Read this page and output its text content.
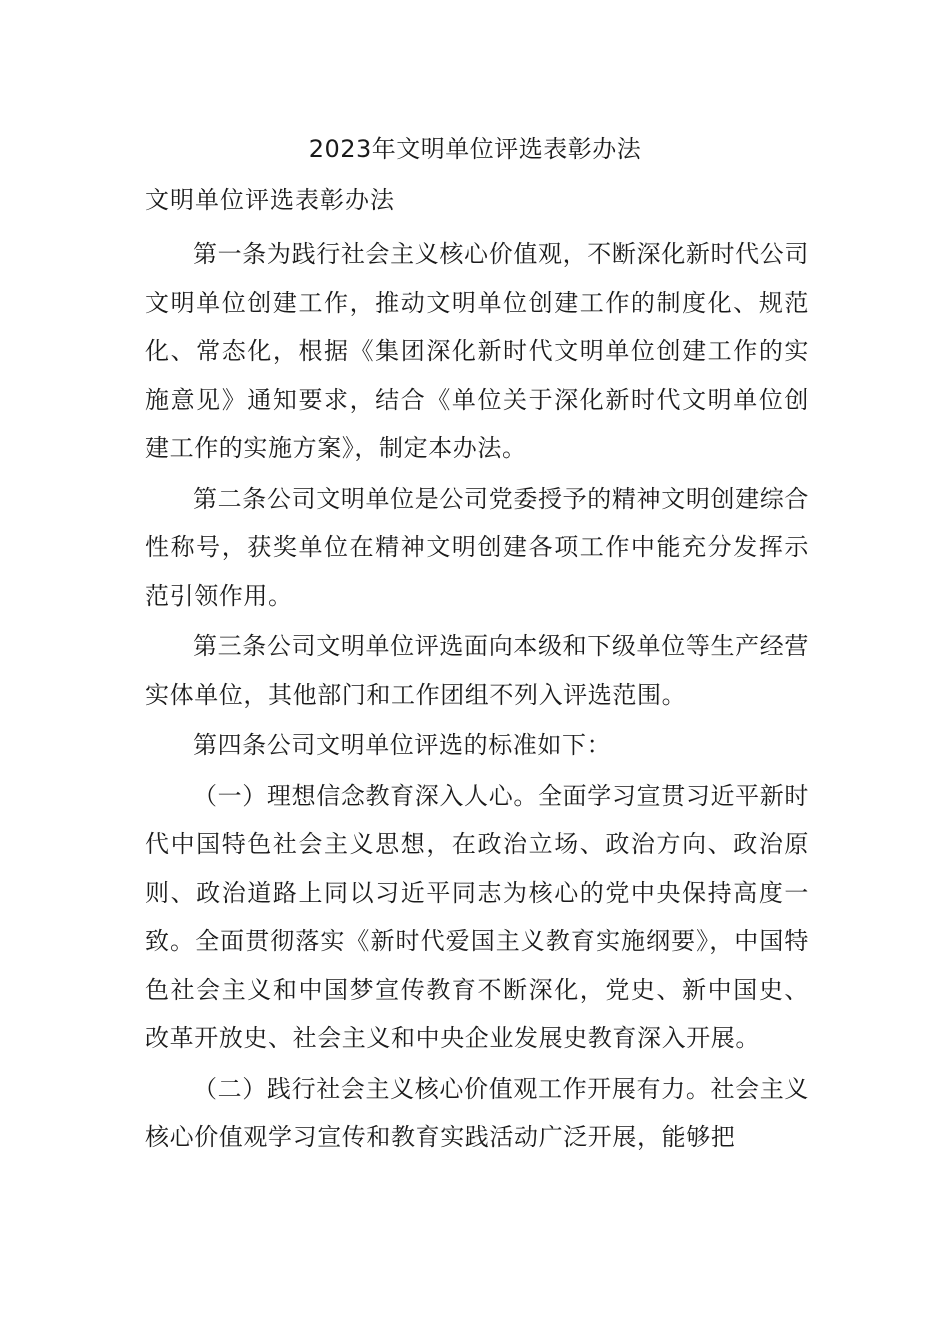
2023年文明单位评选表彰办法

文明单位评选表彰办法

第一条为践行社会主义核心价值观，不断深化新时代公司文明单位创建工作，推动文明单位创建工作的制度化、规范化、常态化，根据《集团深化新时代文明单位创建工作的实施意见》通知要求，结合《单位关于深化新时代文明单位创建工作的实施方案》，制定本办法。

第二条公司文明单位是公司党委授予的精神文明创建综合性称号，获奖单位在精神文明创建各项工作中能充分发挥示范引领作用。

第三条公司文明单位评选面向本级和下级单位等生产经营实体单位，其他部门和工作团组不列入评选范围。

第四条公司文明单位评选的标准如下：

（一）理想信念教育深入人心。全面学习宣贯习近平新时代中国特色社会主义思想，在政治立场、政治方向、政治原则、政治道路上同以习近平同志为核心的党中央保持高度一致。全面贯彻落实《新时代爱国主义教育实施纲要》，中国特色社会主义和中国梦宣传教育不断深化，党史、新中国史、改革开放史、社会主义和中央企业发展史教育深入开展。

（二）践行社会主义核心价值观工作开展有力。社会主义核心价值观学习宣传和教育实践活动广泛开展，能够把
